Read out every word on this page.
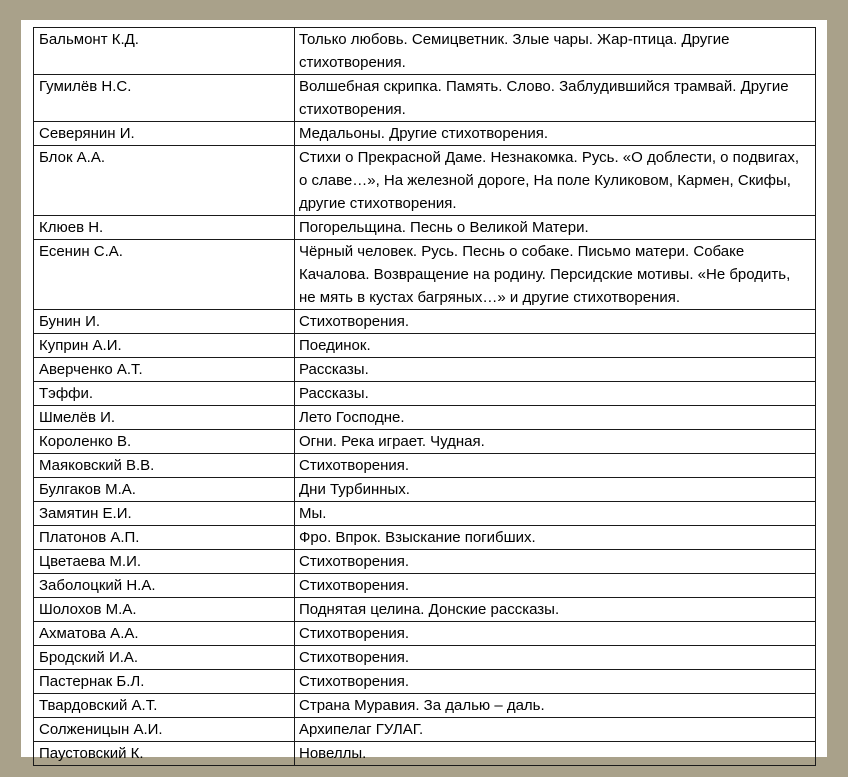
Бальмонт К.Д.	Только любовь. Семицветник. Злые чары. Жар-птица. Другие стихотворения.
Гумилёв Н.С.	Волшебная скрипка. Память. Слово. Заблудившийся трамвай. Другие стихотворения.
Северянин И.	Медальоны. Другие стихотворения.
Блок А.А.	Стихи о Прекрасной Даме. Незнакомка. Русь. «О доблести, о подвигах, о славе…», На железной дороге, На поле Куликовом, Кармен, Скифы, другие стихотворения.
Клюев Н.	Погорельщина. Песнь о Великой Матери.
Есенин С.А.	Чёрный человек. Русь. Песнь о собаке. Письмо матери. Собаке Качалова. Возвращение на родину. Персидские мотивы. «Не бродить, не мять в кустах багряных…» и другие стихотворения.
Бунин И.	Стихотворения.
Куприн А.И.	Поединок.
Аверченко А.Т.	Рассказы.
Тэффи.	Рассказы.
Шмелёв И.	Лето Господне.
Короленко В.	Огни. Река играет. Чудная.
Маяковский В.В.	Стихотворения.
Булгаков М.А.	Дни Турбинных.
Замятин Е.И.	Мы.
Платонов А.П.	Фро. Впрок. Взыскание погибших.
Цветаева М.И.	Стихотворения.
Заболоцкий Н.А.	Стихотворения.
Шолохов М.А.	Поднятая целина. Донские рассказы.
Ахматова А.А.	Стихотворения.
Бродский И.А.	Стихотворения.
Пастернак Б.Л.	Стихотворения.
Твардовский А.Т.	Страна Муравия. За далью – даль.
Солженицын А.И.	Архипелаг ГУЛАГ.
Паустовский К.	Новеллы.
